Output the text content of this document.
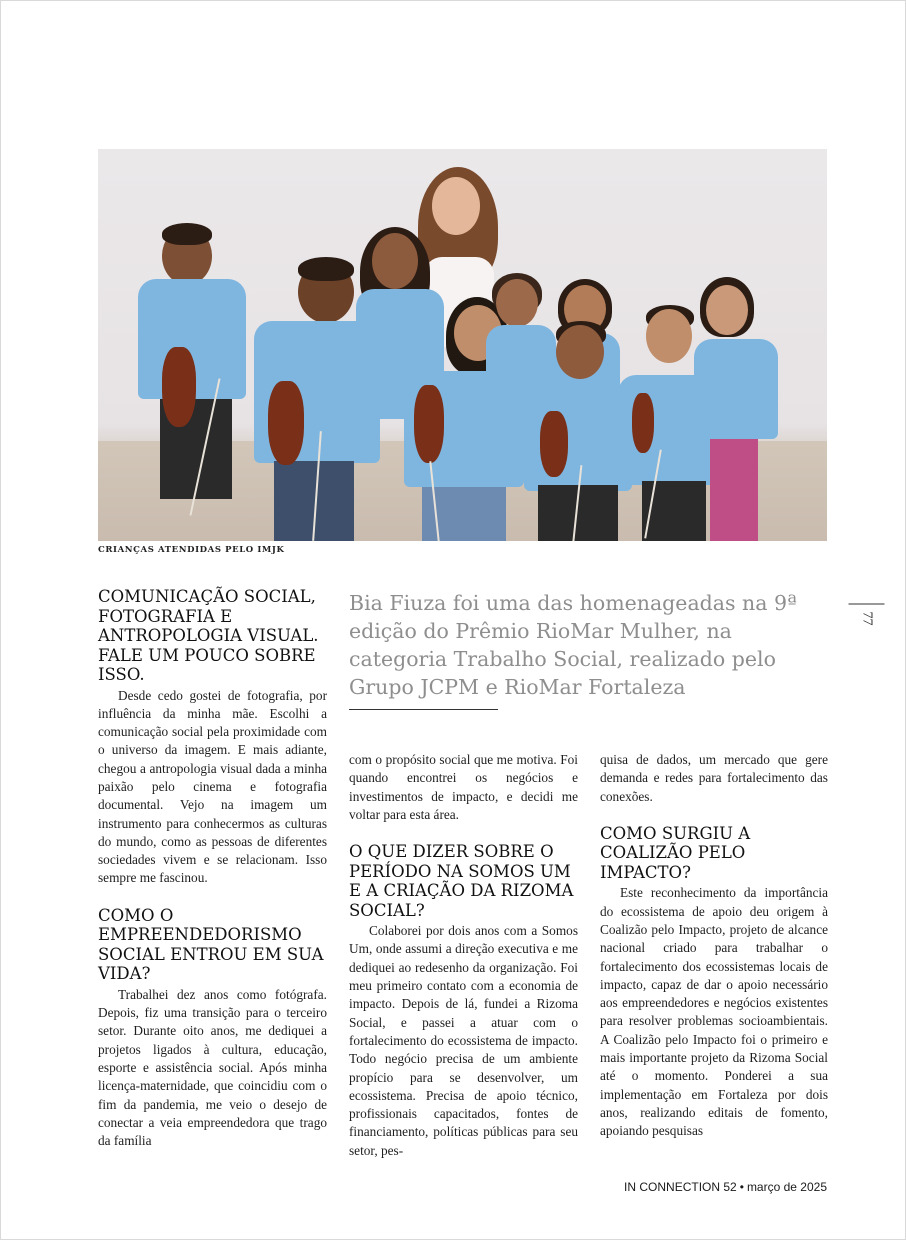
CRIANÇAS ATENDIDAS PELO IMJK
77
Bia Fiuza foi uma das homenageadas na 9ª edição do Prêmio RioMar Mulher, na categoria Trabalho Social, realizado pelo Grupo JCPM e RioMar Fortaleza
COMUNICAÇÃO SOCIAL, FOTOGRAFIA E ANTROPOLOGIA VISUAL. FALE UM POUCO SOBRE ISSO.

Desde cedo gostei de fotografia, por influência da minha mãe. Escolhi a comunicação social pela proximidade com o universo da imagem. E mais adiante, chegou a antropologia visual dada a minha paixão pelo cinema e fotografia documental. Vejo na imagem um instrumento para conhecermos as culturas do mundo, como as pessoas de diferentes sociedades vivem e se relacionam. Isso sempre me fascinou.

COMO O EMPREENDEDORISMO SOCIAL ENTROU EM SUA VIDA?

Trabalhei dez anos como fotógrafa. Depois, fiz uma transição para o terceiro setor. Durante oito anos, me dediquei a projetos ligados à cultura, educação, esporte e assistência social. Após minha licença-maternidade, que coincidiu com o fim da pandemia, me veio o desejo de conectar a veia empreendedora que trago da família

com o propósito social que me motiva. Foi quando encontrei os negócios e investimentos de impacto, e decidi me voltar para esta área.

O QUE DIZER SOBRE O PERÍODO NA SOMOS UM E A CRIAÇÃO DA RIZOMA SOCIAL?

Colaborei por dois anos com a Somos Um, onde assumi a direção executiva e me dediquei ao redesenho da organização. Foi meu primeiro contato com a economia de impacto. Depois de lá, fundei a Rizoma Social, e passei a atuar com o fortalecimento do ecossistema de impacto. Todo negócio precisa de um ambiente propício para se desenvolver, um ecossistema. Precisa de apoio técnico, profissionais capacitados, fontes de financiamento, políticas públicas para seu setor, pes-

quisa de dados, um mercado que gere demanda e redes para fortalecimento das conexões.

COMO SURGIU A COALIZÃO PELO IMPACTO?

Este reconhecimento da importância do ecossistema de apoio deu origem à Coalizão pelo Impacto, projeto de alcance nacional criado para trabalhar o fortalecimento dos ecossistemas locais de impacto, capaz de dar o apoio necessário aos empreendedores e negócios existentes para resolver problemas socioambientais. A Coalizão pelo Impacto foi o primeiro e mais importante projeto da Rizoma Social até o momento. Ponderei a sua implementação em Fortaleza por dois anos, realizando editais de fomento, apoiando pesquisas

IN CONNECTION 52 • março de 2025
